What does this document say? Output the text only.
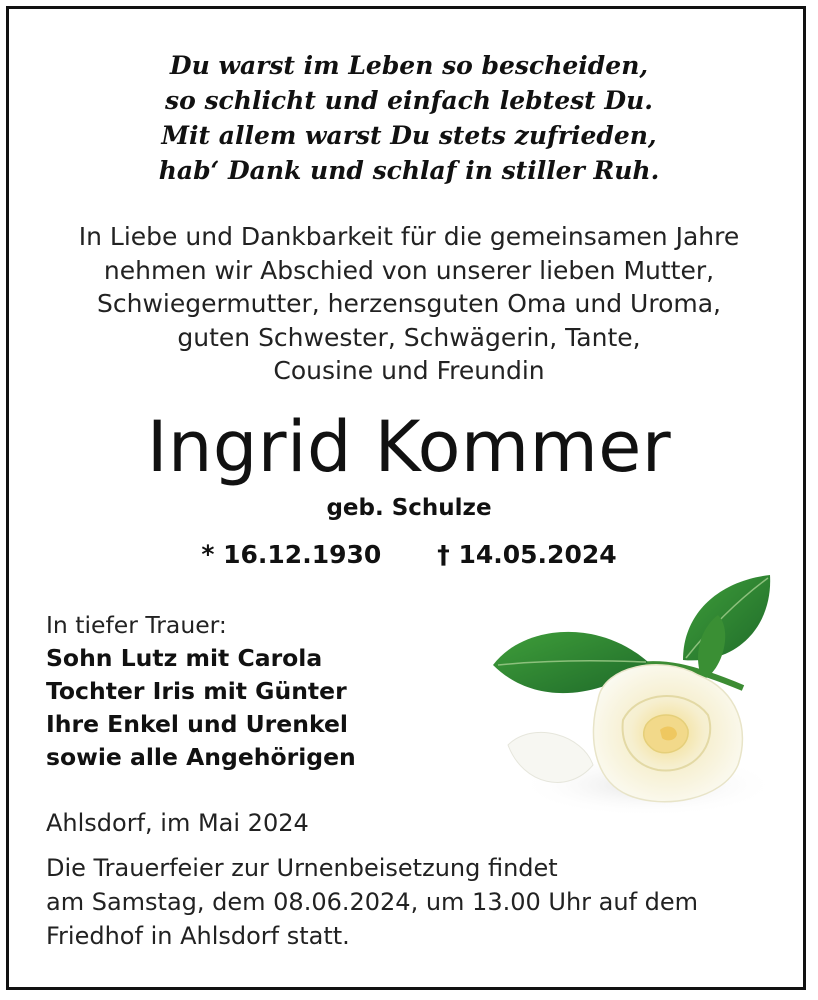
Du warst im Leben so bescheiden,
so schlicht und einfach lebtest Du.
Mit allem warst Du stets zufrieden,
hab‘ Dank und schlaf in stiller Ruh.
In Liebe und Dankbarkeit für die gemeinsamen Jahre
nehmen wir Abschied von unserer lieben Mutter,
Schwiegermutter, herzensguten Oma und Uroma,
guten Schwester, Schwägerin, Tante,
Cousine und Freundin
Ingrid Kommer
geb. Schulze
* 16.12.1930 † 14.05.2024
In tiefer Trauer:
Sohn Lutz mit Carola
Tochter Iris mit Günter
Ihre Enkel und Urenkel
sowie alle Angehörigen
Ahlsdorf, im Mai 2024
Die Trauerfeier zur Urnenbeisetzung findet
am Samstag, dem 08.06.2024, um 13.00 Uhr auf dem
Friedhof in Ahlsdorf statt.
